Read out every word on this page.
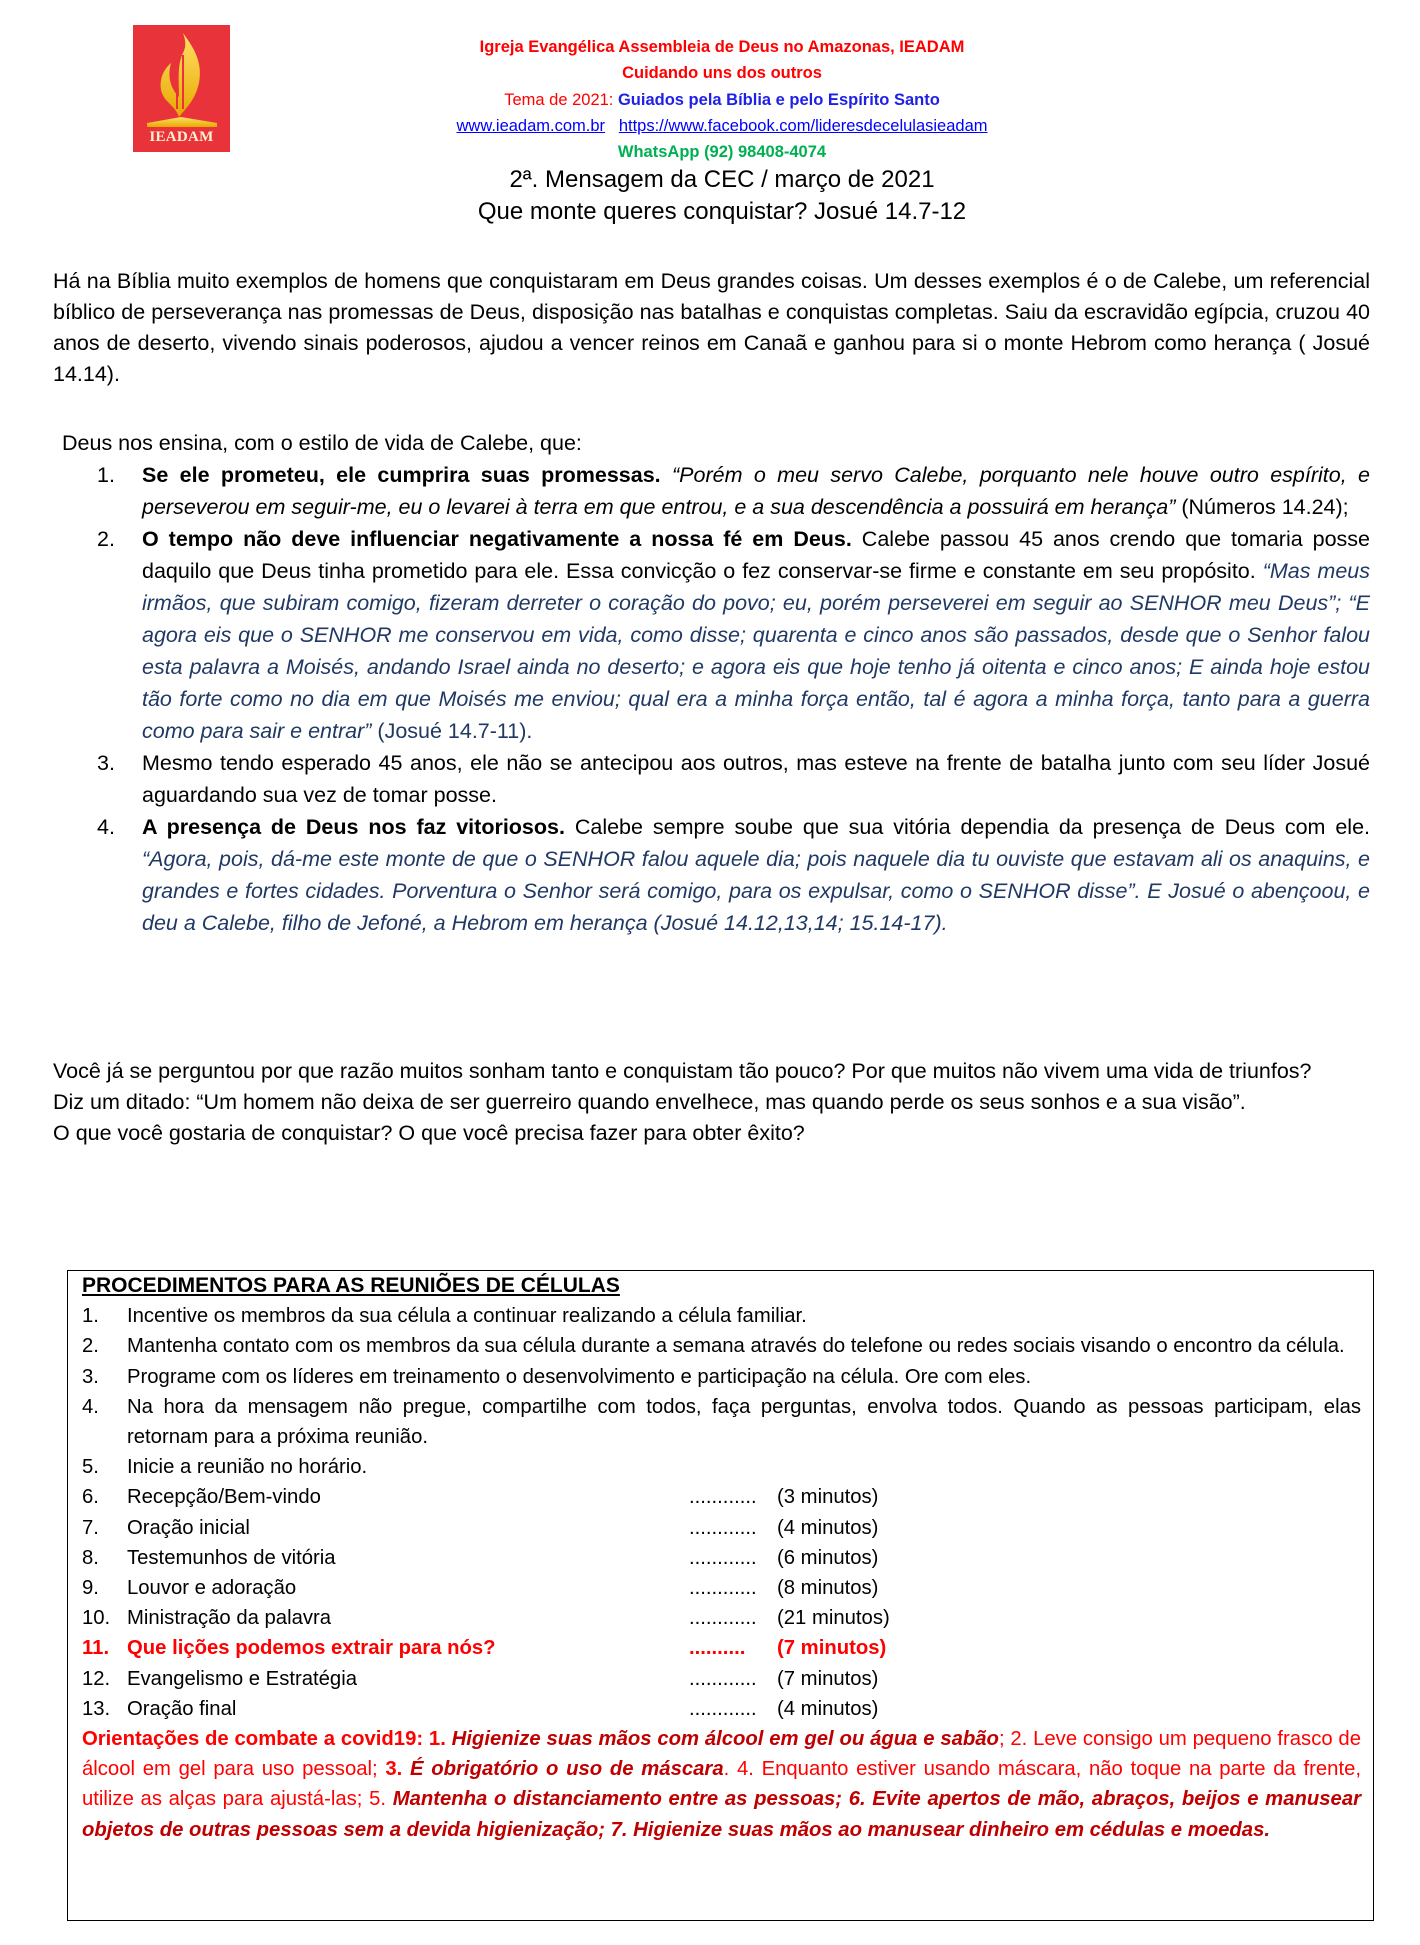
IEADAM
Igreja Evangélica Assembleia de Deus no Amazonas, IEADAM
Cuidando uns dos outros
Tema de 2021: Guiados pela Bíblia e pelo Espírito Santo
www.ieadam.com.br https://www.facebook.com/lideresdecelulasieadam
WhatsApp (92) 98408-4074
2ª. Mensagem da CEC / março de 2021
Que monte queres conquistar? Josué 14.7-12
Há na Bíblia muito exemplos de homens que conquistaram em Deus grandes coisas. Um desses exemplos é o de Calebe, um referencial bíblico de perseverança nas promessas de Deus, disposição nas batalhas e conquistas completas. Saiu da escravidão egípcia, cruzou 40 anos de deserto, vivendo sinais poderosos, ajudou a vencer reinos em Canaã e ganhou para si o monte Hebrom como herança ( Josué 14.14).
Deus nos ensina, com o estilo de vida de Calebe, que:
1. Se ele prometeu, ele cumprira suas promessas. “Porém o meu servo Calebe, porquanto nele houve outro espírito, e perseverou em seguir-me, eu o levarei à terra em que entrou, e a sua descendência a possuirá em herança” (Números 14.24);
2. O tempo não deve influenciar negativamente a nossa fé em Deus. Calebe passou 45 anos crendo que tomaria posse daquilo que Deus tinha prometido para ele. Essa convicção o fez conservar-se firme e constante em seu propósito. “Mas meus irmãos, que subiram comigo, fizeram derreter o coração do povo; eu, porém perseverei em seguir ao SENHOR meu Deus”; “E agora eis que o SENHOR me conservou em vida, como disse; quarenta e cinco anos são passados, desde que o Senhor falou esta palavra a Moisés, andando Israel ainda no deserto; e agora eis que hoje tenho já oitenta e cinco anos; E ainda hoje estou tão forte como no dia em que Moisés me enviou; qual era a minha força então, tal é agora a minha força, tanto para a guerra como para sair e entrar” (Josué 14.7-11).
3. Mesmo tendo esperado 45 anos, ele não se antecipou aos outros, mas esteve na frente de batalha junto com seu líder Josué aguardando sua vez de tomar posse.
4. A presença de Deus nos faz vitoriosos. Calebe sempre soube que sua vitória dependia da presença de Deus com ele. “Agora, pois, dá-me este monte de que o SENHOR falou aquele dia; pois naquele dia tu ouviste que estavam ali os anaquins, e grandes e fortes cidades. Porventura o Senhor será comigo, para os expulsar, como o SENHOR disse”. E Josué o abençoou, e deu a Calebe, filho de Jefoné, a Hebrom em herança (Josué 14.12,13,14; 15.14-17).
Você já se perguntou por que razão muitos sonham tanto e conquistam tão pouco? Por que muitos não vivem uma vida de triunfos?
Diz um ditado: “Um homem não deixa de ser guerreiro quando envelhece, mas quando perde os seus sonhos e a sua visão”.
O que você gostaria de conquistar? O que você precisa fazer para obter êxito?
PROCEDIMENTOS PARA AS REUNIÕES DE CÉLULAS
1. Incentive os membros da sua célula a continuar realizando a célula familiar.
2. Mantenha contato com os membros da sua célula durante a semana através do telefone ou redes sociais visando o encontro da célula.
3. Programe com os líderes em treinamento o desenvolvimento e participação na célula. Ore com eles.
4. Na hora da mensagem não pregue, compartilhe com todos, faça perguntas, envolva todos. Quando as pessoas participam, elas retornam para a próxima reunião.
5. Inicie a reunião no horário.
6. Recepção/Bem-vindo	............ (3 minutos)
7. Oração inicial	............ (4 minutos)
8. Testemunhos de vitória	............ (6 minutos)
9. Louvor e adoração	............ (8 minutos)
10. Ministração da palavra	............ (21 minutos)
11. Que lições podemos extrair para nós?	.......... (7 minutos)
12. Evangelismo e Estratégia	............ (7 minutos)
13. Oração final	............ (4 minutos)
Orientações de combate a covid19: 1. Higienize suas mãos com álcool em gel ou água e sabão; 2. Leve consigo um pequeno frasco de álcool em gel para uso pessoal; 3. É obrigatório o uso de máscara. 4. Enquanto estiver usando máscara, não toque na parte da frente, utilize as alças para ajustá-las; 5. Mantenha o distanciamento entre as pessoas; 6. Evite apertos de mão, abraços, beijos e manusear objetos de outras pessoas sem a devida higienização; 7. Higienize suas mãos ao manusear dinheiro em cédulas e moedas.
